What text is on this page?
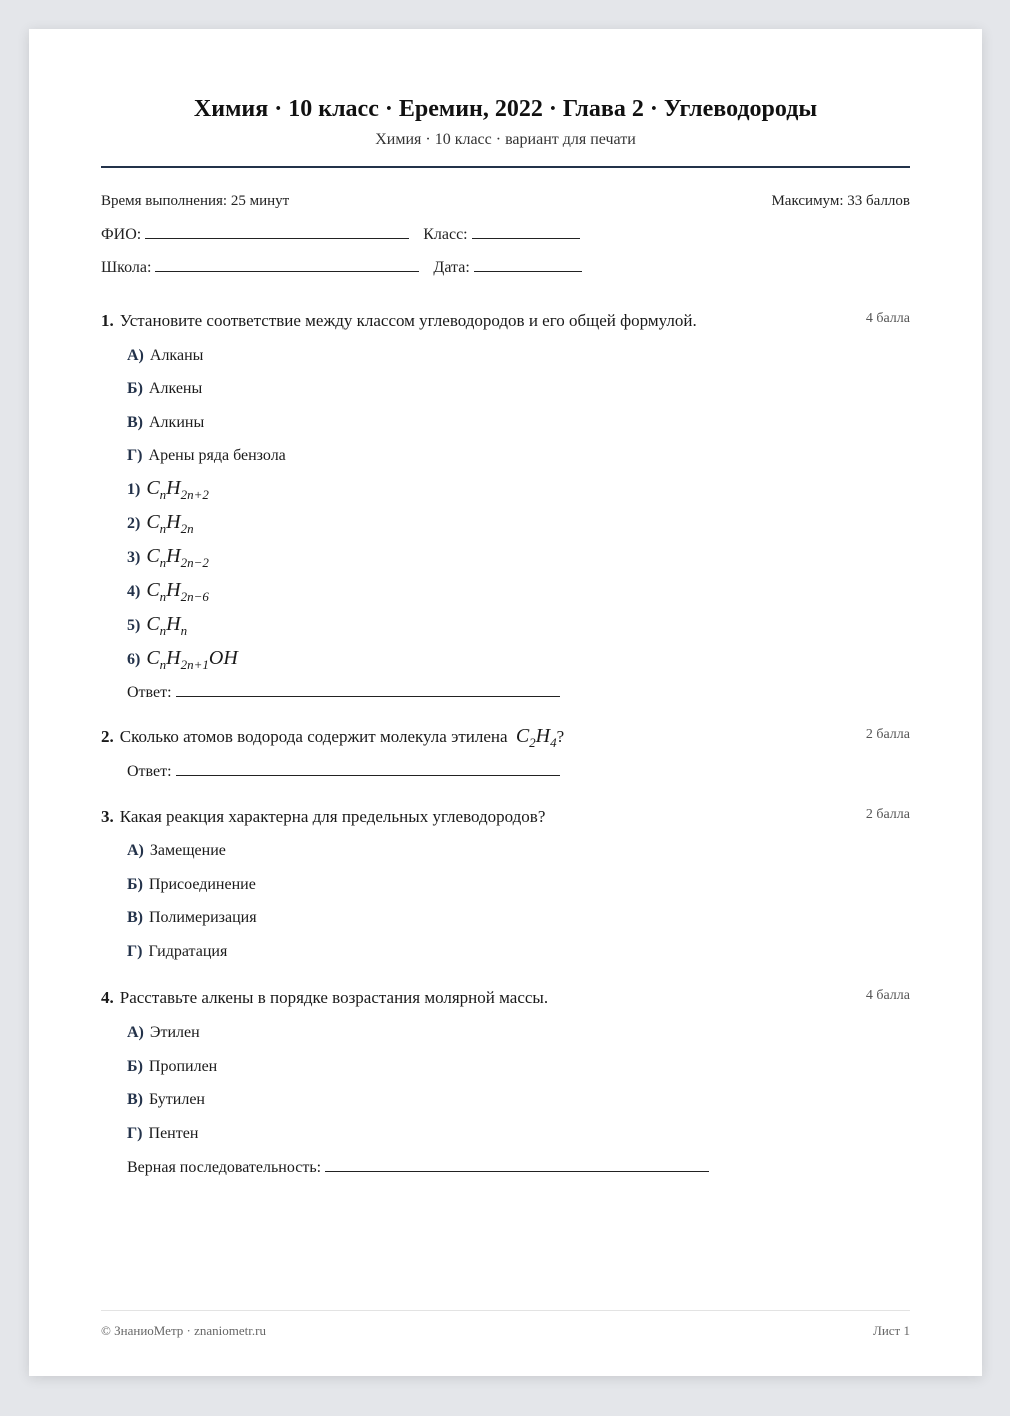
Химия · 10 класс · Еремин, 2022 · Глава 2 · Углеводороды
Химия · 10 класс · вариант для печати
Время выполнения: 25 минут	Максимум: 33 баллов
ФИО:	Класс:
Школа:	Дата:
1. Установите соответствие между классом углеводородов и его общей формулой.	4 балла
А) Алканы
Б) Алкены
В) Алкины
Г) Арены ряда бензола
1) $C_nH_{2n+2}$
2) $C_nH_{2n}$
3) $C_nH_{2n-2}$
4) $C_nH_{2n-6}$
5) $C_nH_n$
6) $C_nH_{2n+1}OH$
Ответ:
2. Сколько атомов водорода содержит молекула этилена $C_2H_4$?	2 балла
Ответ:
3. Какая реакция характерна для предельных углеводородов?	2 балла
А) Замещение
Б) Присоединение
В) Полимеризация
Г) Гидратация
4. Расставьте алкены в порядке возрастания молярной массы.	4 балла
А) Этилен
Б) Пропилен
В) Бутилен
Г) Пентен
Верная последовательность:
© ЗнаниоМетр · znaniometr.ru	Лист 1
